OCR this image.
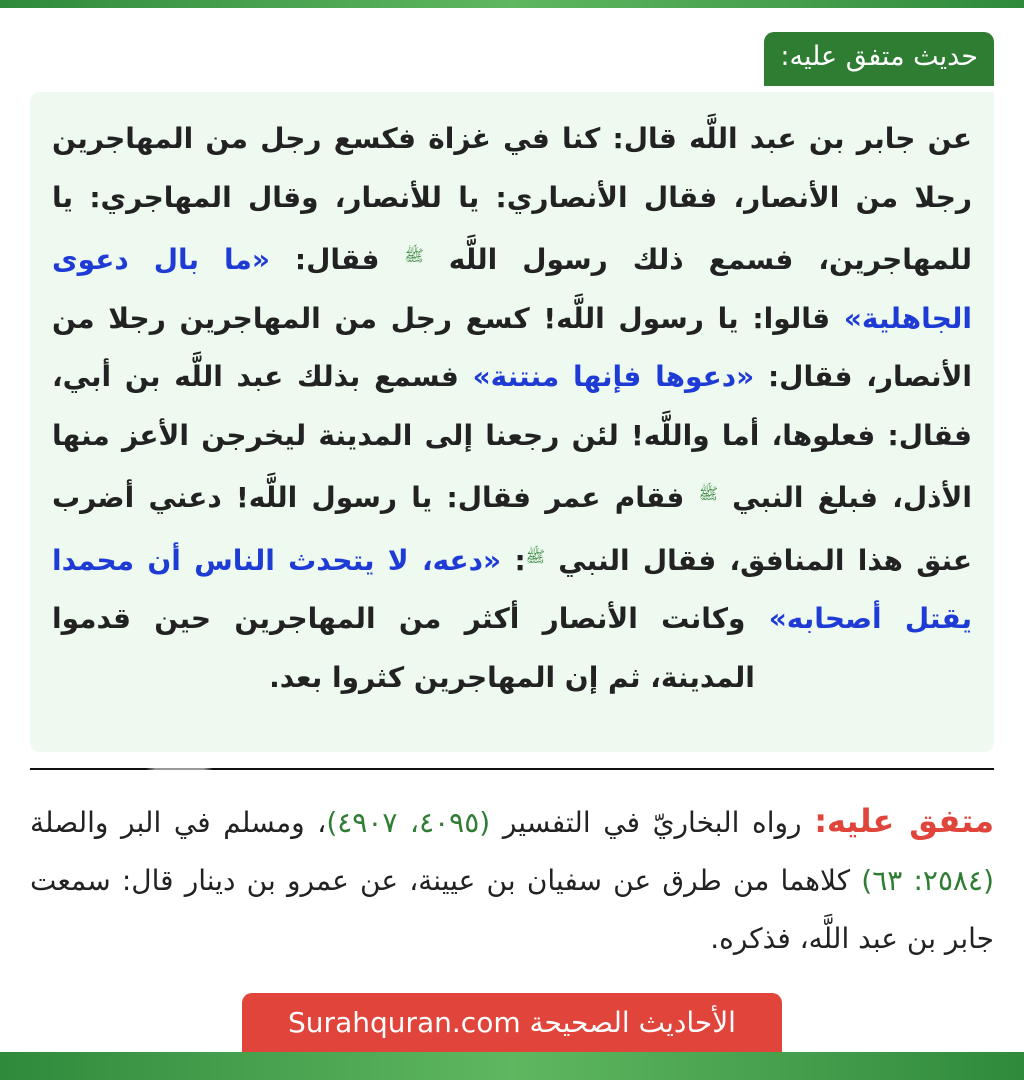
حديث متفق عليه:
عن جابر بن عبد اللَّه قال: كنا في غزاة فكسع رجل من المهاجرين رجلا من الأنصار، فقال الأنصاري: يا للأنصار، وقال المهاجري: يا للمهاجرين، فسمع ذلك رسول اللَّه $^ﷺ$ فقال: «ما بال دعوى الجاهلية» قالوا: يا رسول اللَّه! كسع رجل من المهاجرين رجلا من الأنصار، فقال: «دعوها فإنها منتنة» فسمع بذلك عبد اللَّه بن أبي، فقال: فعلوها، أما واللَّه! لئن رجعنا إلى المدينة ليخرجن الأعز منها الأذل، فبلغ النبي $^ﷺ$ فقام عمر فقال: يا رسول اللَّه! دعني أضرب عنق هذا المنافق، فقال النبي $^ﷺ$: «دعه، لا يتحدث الناس أن محمدا يقتل أصحابه» وكانت الأنصار أكثر من المهاجرين حين قدموا المدينة، ثم إن المهاجرين كثروا بعد.
متفق عليه: رواه البخاريّ في التفسير (٤٠٩٥، ٤٩٠٧)، ومسلم في البر والصلة (٢٥٨٤: ٦٣) كلاهما من طرق عن سفيان بن عيينة، عن عمرو بن دينار قال: سمعت جابر بن عبد اللَّه، فذكره.
الأحاديث الصحيحة Surahquran.com
